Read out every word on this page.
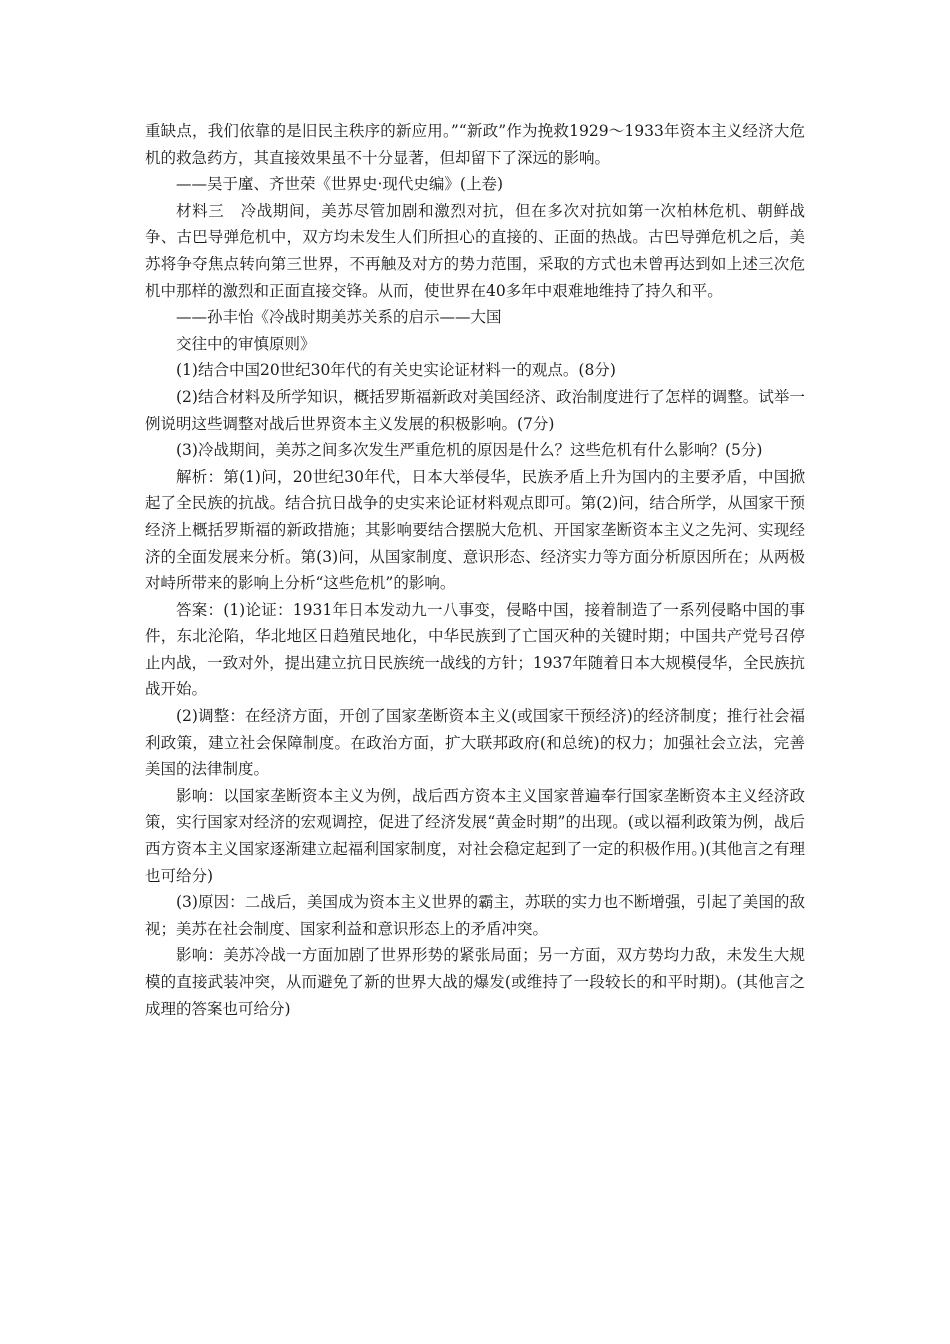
重缺点，我们依靠的是旧民主秩序的新应用。”“新政”作为挽救1929～1933年资本主义经济大危机的救急药方，其直接效果虽不十分显著，但却留下了深远的影响。

——吴于廑、齐世荣《世界史·现代史编》(上卷)

材料三　冷战期间，美苏尽管加剧和激烈对抗，但在多次对抗如第一次柏林危机、朝鲜战争、古巴导弹危机中，双方均未发生人们所担心的直接的、正面的热战。古巴导弹危机之后，美苏将争夺焦点转向第三世界，不再触及对方的势力范围，采取的方式也未曾再达到如上述三次危机中那样的激烈和正面直接交锋。从而，使世界在40多年中艰难地维持了持久和平。

——孙丰怡《冷战时期美苏关系的启示——大国

交往中的审慎原则》

(1)结合中国20世纪30年代的有关史实论证材料一的观点。(8分)

(2)结合材料及所学知识，概括罗斯福新政对美国经济、政治制度进行了怎样的调整。试举一例说明这些调整对战后世界资本主义发展的积极影响。(7分)

(3)冷战期间，美苏之间多次发生严重危机的原因是什么？这些危机有什么影响？(5分)

解析：第(1)问，20世纪30年代，日本大举侵华，民族矛盾上升为国内的主要矛盾，中国掀起了全民族的抗战。结合抗日战争的史实来论证材料观点即可。第(2)问，结合所学，从国家干预经济上概括罗斯福的新政措施；其影响要结合摆脱大危机、开国家垄断资本主义之先河、实现经济的全面发展来分析。第(3)问，从国家制度、意识形态、经济实力等方面分析原因所在；从两极对峙所带来的影响上分析“这些危机”的影响。

答案：(1)论证：1931年日本发动九一八事变，侵略中国，接着制造了一系列侵略中国的事件，东北沦陷，华北地区日趋殖民地化，中华民族到了亡国灭种的关键时期；中国共产党号召停止内战，一致对外，提出建立抗日民族统一战线的方针；1937年随着日本大规模侵华，全民族抗战开始。

(2)调整：在经济方面，开创了国家垄断资本主义(或国家干预经济)的经济制度；推行社会福利政策，建立社会保障制度。在政治方面，扩大联邦政府(和总统)的权力；加强社会立法，完善美国的法律制度。

影响：以国家垄断资本主义为例，战后西方资本主义国家普遍奉行国家垄断资本主义经济政策，实行国家对经济的宏观调控，促进了经济发展“黄金时期”的出现。(或以福利政策为例，战后西方资本主义国家逐渐建立起福利国家制度，对社会稳定起到了一定的积极作用。)(其他言之有理也可给分)

(3)原因：二战后，美国成为资本主义世界的霸主，苏联的实力也不断增强，引起了美国的敌视；美苏在社会制度、国家利益和意识形态上的矛盾冲突。

影响：美苏冷战一方面加剧了世界形势的紧张局面；另一方面，双方势均力敌，未发生大规模的直接武装冲突，从而避免了新的世界大战的爆发(或维持了一段较长的和平时期)。(其他言之成理的答案也可给分)
